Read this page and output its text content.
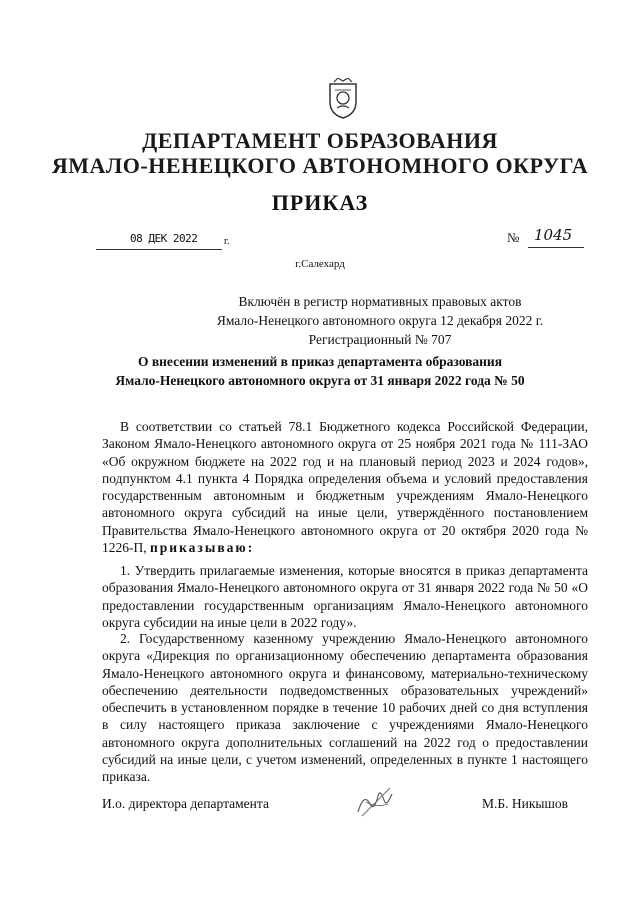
ДЕПАРТАМЕНТ ОБРАЗОВАНИЯ
ЯМАЛО-НЕНЕЦКОГО АВТОНОМНОГО ОКРУГА
ПРИКАЗ
08 ДЕК 2022	г.	№ 1045
г.Салехард
Включён в регистр нормативных правовых актов
Ямало-Ненецкого автономного округа 12 декабря 2022 г.
Регистрационный № 707
О внесении изменений в приказ департамента образования
Ямало-Ненецкого автономного округа от 31 января 2022 года № 50
В соответствии со статьей 78.1 Бюджетного кодекса Российской Федерации, Законом Ямало-Ненецкого автономного округа от 25 ноября 2021 года № 111-ЗАО «Об окружном бюджете на 2022 год и на плановый период 2023 и 2024 годов», подпунктом 4.1 пункта 4 Порядка определения объема и условий предоставления государственным автономным и бюджетным учреждениям Ямало-Ненецкого автономного округа субсидий на иные цели, утверждённого постановлением Правительства Ямало-Ненецкого автономного округа от 20 октября 2020 года № 1226-П, приказываю:
1. Утвердить прилагаемые изменения, которые вносятся в приказ департамента образования Ямало-Ненецкого автономного округа от 31 января 2022 года № 50 «О предоставлении государственным организациям Ямало-Ненецкого автономного округа субсидии на иные цели в 2022 году».
2. Государственному казенному учреждению Ямало-Ненецкого автономного округа «Дирекция по организационному обеспечению департамента образования Ямало-Ненецкого автономного округа и финансовому, материально-техническому обеспечению деятельности подведомственных образовательных учреждений» обеспечить в установленном порядке в течение 10 рабочих дней со дня вступления в силу настоящего приказа заключение с учреждениями Ямало-Ненецкого автономного округа дополнительных соглашений на 2022 год о предоставлении субсидий на иные цели, с учетом изменений, определенных в пункте 1 настоящего приказа.
И.о. директора департамента	М.Б. Никышов
